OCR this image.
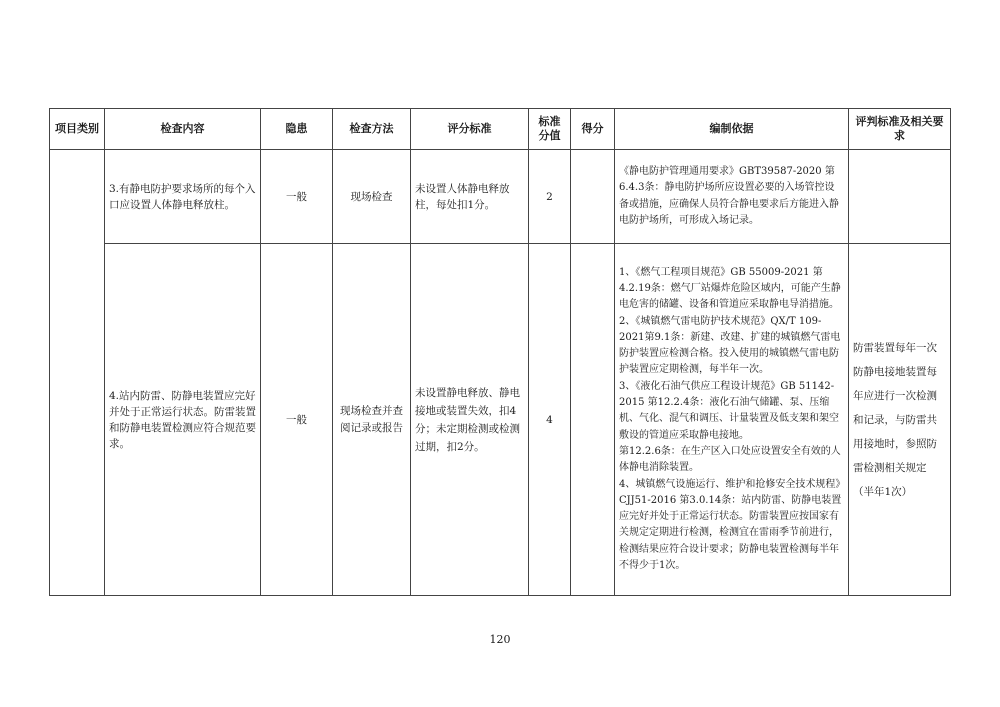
项目类别	检查内容	隐患	检查方法	评分标准	标准分值	得分	编制依据	评判标准及相关要求
	3.有静电防护要求场所的每个入口应设置人体静电释放柱。	一般	现场检查	未设置人体静电释放柱，每处扣1分。	2		《静电防护管理通用要求》GBT39587-2020 第6.4.3条：静电防护场所应设置必要的入场管控设备或措施，应确保人员符合静电要求后方能进入静电防护场所，可形成入场记录。	

	4.站内防雷、防静电装置应完好并处于正常运行状态。防雷装置和防静电装置检测应符合规范要求。	一般	现场检查并查阅记录或报告	未设置静电释放、静电接地或装置失效，扣4分；未定期检测或检测过期，扣2分。	4		1、《燃气工程项目规范》GB 55009-2021 第4.2.19条：燃气厂站爆炸危险区域内，可能产生静电危害的储罐、设备和管道应采取静电导消措施。
2、《城镇燃气雷电防护技术规范》QX/T 109-2021第9.1条：新建、改建、扩建的城镇燃气雷电防护装置应检测合格。投入使用的城镇燃气雷电防护装置应定期检测，每半年一次。
3、《液化石油气供应工程设计规范》GB 51142-2015 第12.2.4条：液化石油气储罐、泵、压缩机、气化、混气和调压、计量装置及低支架和架空敷设的管道应采取静电接地。
第12.2.6条：在生产区入口处应设置安全有效的人体静电消除装置。
4、城镇燃气设施运行、维护和抢修安全技术规程》CJJ51-2016 第3.0.14条：站内防雷、防静电装置应完好并处于正常运行状态。防雷装置应按国家有关规定定期进行检测，检测宜在雷雨季节前进行，检测结果应符合设计要求；防静电装置检测每半年不得少于1次。	防雷装置每年一次防静电接地装置每年应进行一次检测和记录，与防雷共用接地时，参照防雷检测相关规定（半年1次）
120
